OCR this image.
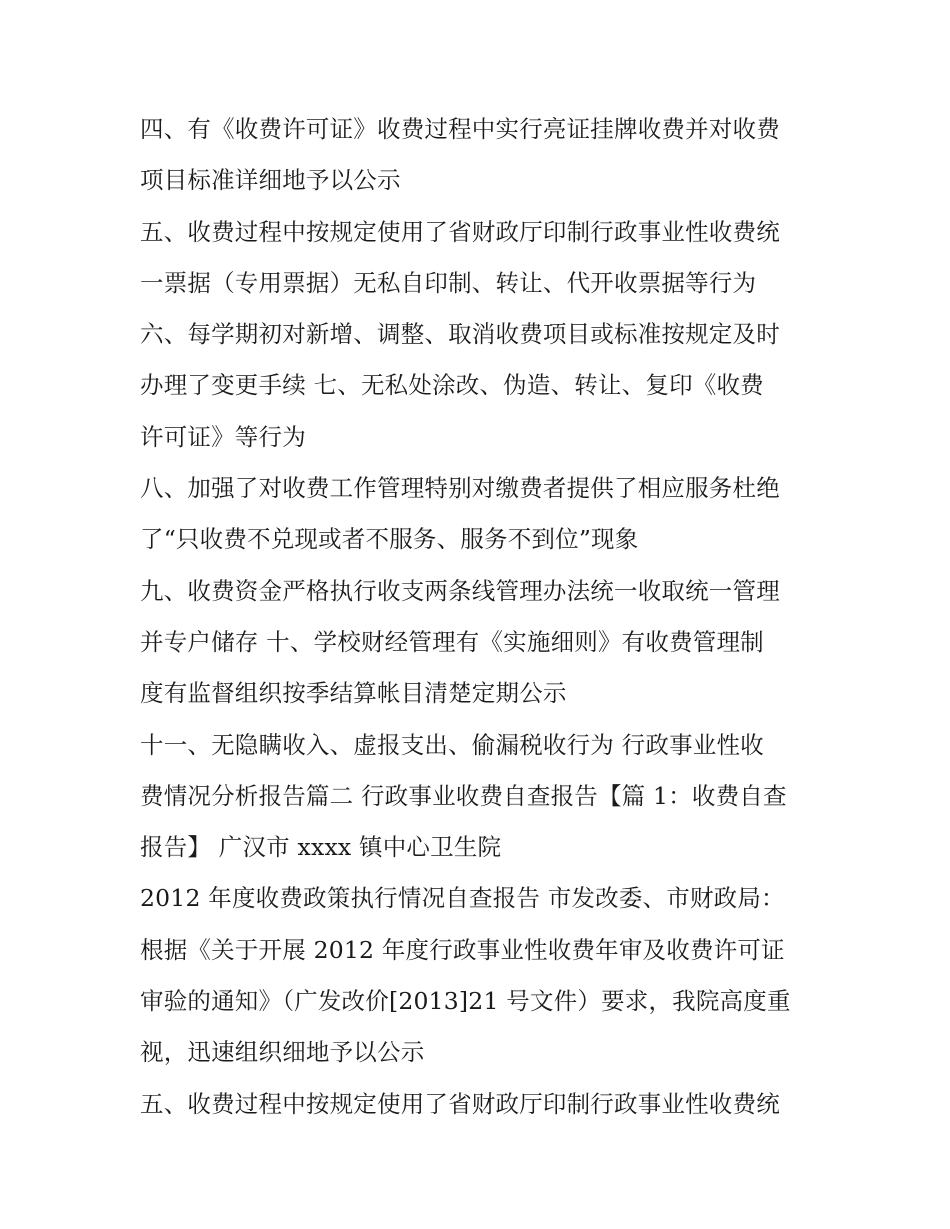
四、有《收费许可证》收费过程中实行亮证挂牌收费并对收费
项目标准详细地予以公示
五、收费过程中按规定使用了省财政厅印制行政事业性收费统
一票据（专用票据）无私自印制、转让、代开收票据等行为
六、每学期初对新增、调整、取消收费项目或标准按规定及时
办理了变更手续 七、无私处涂改、伪造、转让、复印《收费
许可证》等行为
八、加强了对收费工作管理特别对缴费者提供了相应服务杜绝
了“只收费不兑现或者不服务、服务不到位”现象
九、收费资金严格执行收支两条线管理办法统一收取统一管理
并专户储存 十、学校财经管理有《实施细则》有收费管理制
度有监督组织按季结算帐目清楚定期公示
十一、无隐瞒收入、虚报支出、偷漏税收行为 行政事业性收
费情况分析报告篇二 行政事业收费自查报告【篇 1：收费自查
报告】 广汉市 xxxx 镇中心卫生院
2012 年度收费政策执行情况自查报告 市发改委、市财政局：
根据《关于开展 2012 年度行政事业性收费年审及收费许可证
审验的通知》（广发改价[2013]21 号文件）要求，我院高度重
视，迅速组织细地予以公示
五、收费过程中按规定使用了省财政厅印制行政事业性收费统
